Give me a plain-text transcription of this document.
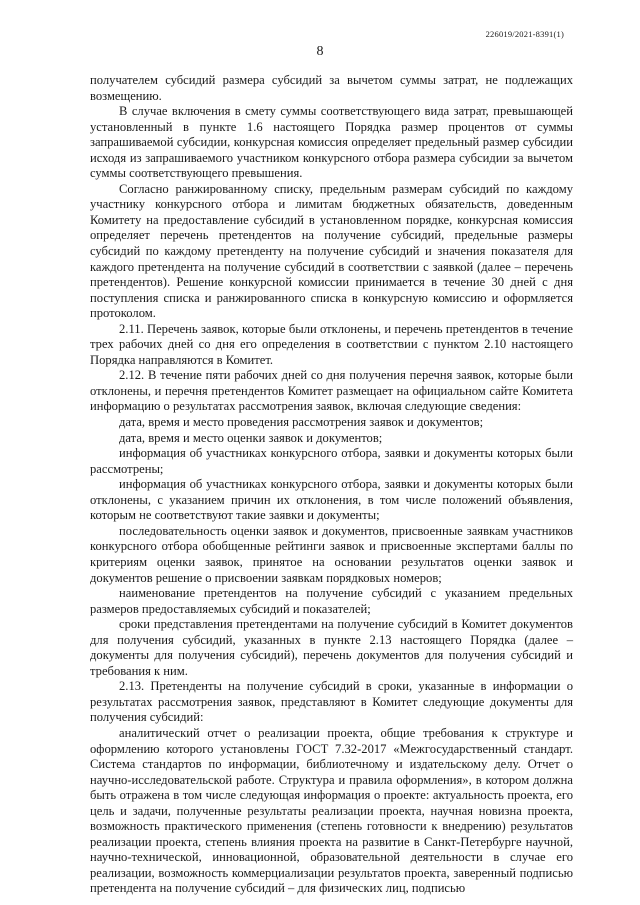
226019/2021-8391(1)
8

получателем субсидий размера субсидий за вычетом суммы затрат, не подлежащих возмещению.

В случае включения в смету суммы соответствующего вида затрат, превышающей установленный в пункте 1.6 настоящего Порядка размер процентов от суммы запрашиваемой субсидии, конкурсная комиссия определяет предельный размер субсидии исходя из запрашиваемого участником конкурсного отбора размера субсидии за вычетом суммы соответствующего превышения.

Согласно ранжированному списку, предельным размерам субсидий по каждому участнику конкурсного отбора и лимитам бюджетных обязательств, доведенным Комитету на предоставление субсидий в установленном порядке, конкурсная комиссия определяет перечень претендентов на получение субсидий, предельные размеры субсидий по каждому претенденту на получение субсидий и значения показателя для каждого претендента на получение субсидий в соответствии с заявкой (далее – перечень претендентов). Решение конкурсной комиссии принимается в течение 30 дней с дня поступления списка и ранжированного списка в конкурсную комиссию и оформляется протоколом.

2.11. Перечень заявок, которые были отклонены, и перечень претендентов в течение трех рабочих дней со дня его определения в соответствии с пунктом 2.10 настоящего Порядка направляются в Комитет.

2.12. В течение пяти рабочих дней со дня получения перечня заявок, которые были отклонены, и перечня претендентов Комитет размещает на официальном сайте Комитета информацию о результатах рассмотрения заявок, включая следующие сведения:

дата, время и место проведения рассмотрения заявок и документов;

дата, время и место оценки заявок и документов;

информация об участниках конкурсного отбора, заявки и документы которых были рассмотрены;

информация об участниках конкурсного отбора, заявки и документы которых были отклонены, с указанием причин их отклонения, в том числе положений объявления, которым не соответствуют такие заявки и документы;

последовательность оценки заявок и документов, присвоенные заявкам участников конкурсного отбора обобщенные рейтинги заявок и присвоенные экспертами баллы по критериям оценки заявок, принятое на основании результатов оценки заявок и документов решение о присвоении заявкам порядковых номеров;

наименование претендентов на получение субсидий с указанием предельных размеров предоставляемых субсидий и показателей;

сроки представления претендентами на получение субсидий в Комитет документов для получения субсидий, указанных в пункте 2.13 настоящего Порядка (далее – документы для получения субсидий), перечень документов для получения субсидий и требования к ним.

2.13. Претенденты на получение субсидий в сроки, указанные в информации о результатах рассмотрения заявок, представляют в Комитет следующие документы для получения субсидий:

аналитический отчет о реализации проекта, общие требования к структуре и оформлению которого установлены ГОСТ 7.32-2017 «Межгосударственный стандарт. Система стандартов по информации, библиотечному и издательскому делу. Отчет о научно-исследовательской работе. Структура и правила оформления», в котором должна быть отражена в том числе следующая информация о проекте: актуальность проекта, его цель и задачи, полученные результаты реализации проекта, научная новизна проекта, возможность практического применения (степень готовности к внедрению) результатов реализации проекта, степень влияния проекта на развитие в Санкт-Петербурге научной, научно-технической, инновационной, образовательной деятельности в случае его реализации, возможность коммерциализации результатов проекта, заверенный подписью претендента на получение субсидий – для физических лиц, подписью
